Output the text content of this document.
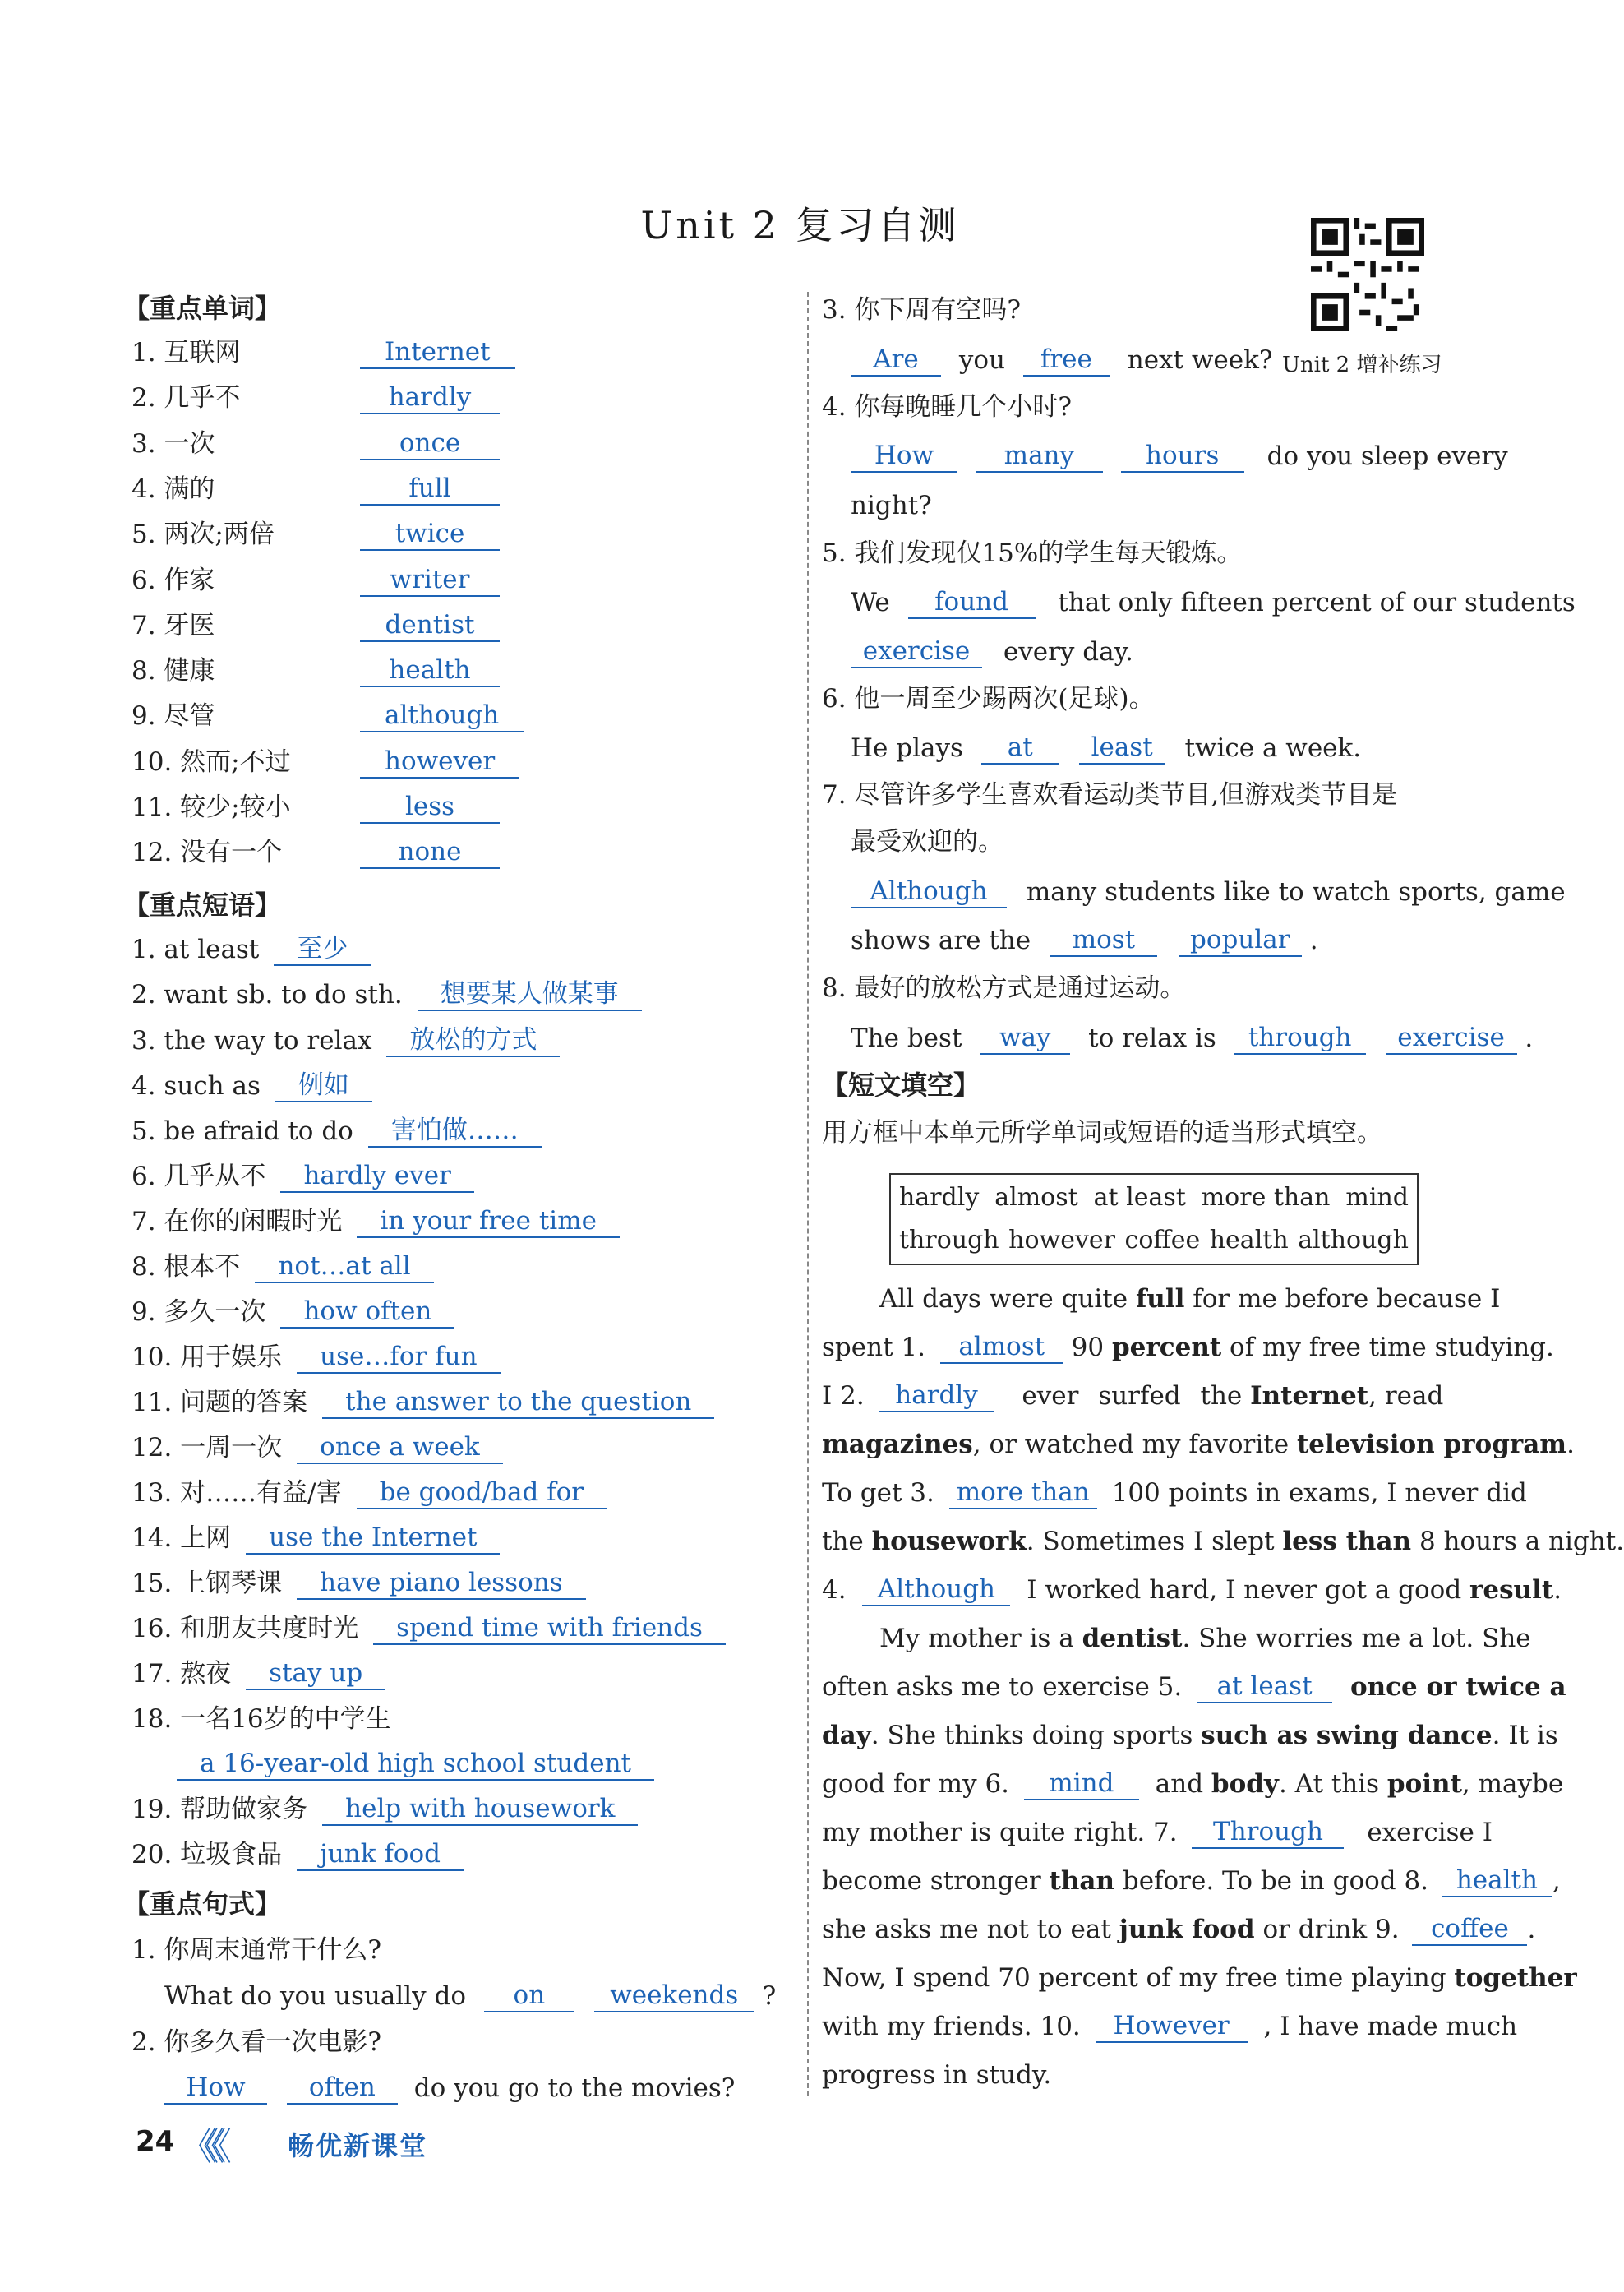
Unit 2 复习自测
Unit 2 增补练习
【重点单词】
1. 互联网	Internet
2. 几乎不	hardly
3. 一次	once
4. 满的	full
5. 两次;两倍	twice
6. 作家	writer
7. 牙医	dentist
8. 健康	health
9. 尽管	although
10. 然而;不过	however
11. 较少;较小	less
12. 没有一个	none
【重点短语】
1. at least 至少
2. want sb. to do sth. 想要某人做某事
3. the way to relax 放松的方式
4. such as 例如
5. be afraid to do 害怕做……
6. 几乎从不 hardly ever
7. 在你的闲暇时光 in your free time
8. 根本不 not…at all
9. 多久一次 how often
10. 用于娱乐 use…for fun
11. 问题的答案 the answer to the question
12. 一周一次 once a week
13. 对……有益/害 be good/bad for
14. 上网 use the Internet
15. 上钢琴课 have piano lessons
16. 和朋友共度时光 spend time with friends
17. 熬夜 stay up
18. 一名16岁的中学生
a 16-year-old high school student
19. 帮助做家务 help with housework
20. 垃圾食品 junk food
【重点句式】
1. 你周末通常干什么?
What do you usually do on	weekends ?
2. 你多久看一次电影?
How often do you go to the movies?
3. 你下周有空吗?
Are you free next week?
4. 你每晚睡几个小时?
How	many	hours do you sleep every
night?
5. 我们发现仅15%的学生每天锻炼。
We found that only fifteen percent of our students
exercise every day.
6. 他一周至少踢两次(足球)。
He plays at least twice a week.
7. 尽管许多学生喜欢看运动类节目,但游戏类节目是
最受欢迎的。
Although many students like to watch sports, game
shows are the most popular .
8. 最好的放松方式是通过运动。
The best way to relax is through exercise .
【短文填空】
用方框中本单元所学单词或短语的适当形式填空。
hardly almost at least more than mind
through however coffee health although
All days were quite full for me before because I
spent 1. almost 90 percent of my free time studying.
I 2. hardly ever surfed the Internet, read
magazines, or watched my favorite television program.
To get 3. more than 100 points in exams, I never did
the housework. Sometimes I slept less than 8 hours a night.
4. Although I worked hard, I never got a good result.
My mother is a dentist. She worries me a lot. She
often asks me to exercise 5. at least once or twice a
day. She thinks doing sports such as swing dance. It is
good for my 6. mind and body. At this point, maybe
my mother is quite right. 7. Through exercise I
become stronger than before. To be in good 8. health ,
she asks me not to eat junk food or drink 9. coffee .
Now, I spend 70 percent of my free time playing together
with my friends. 10. However , I have made much
progress in study.
24 《《《	畅优新课堂
